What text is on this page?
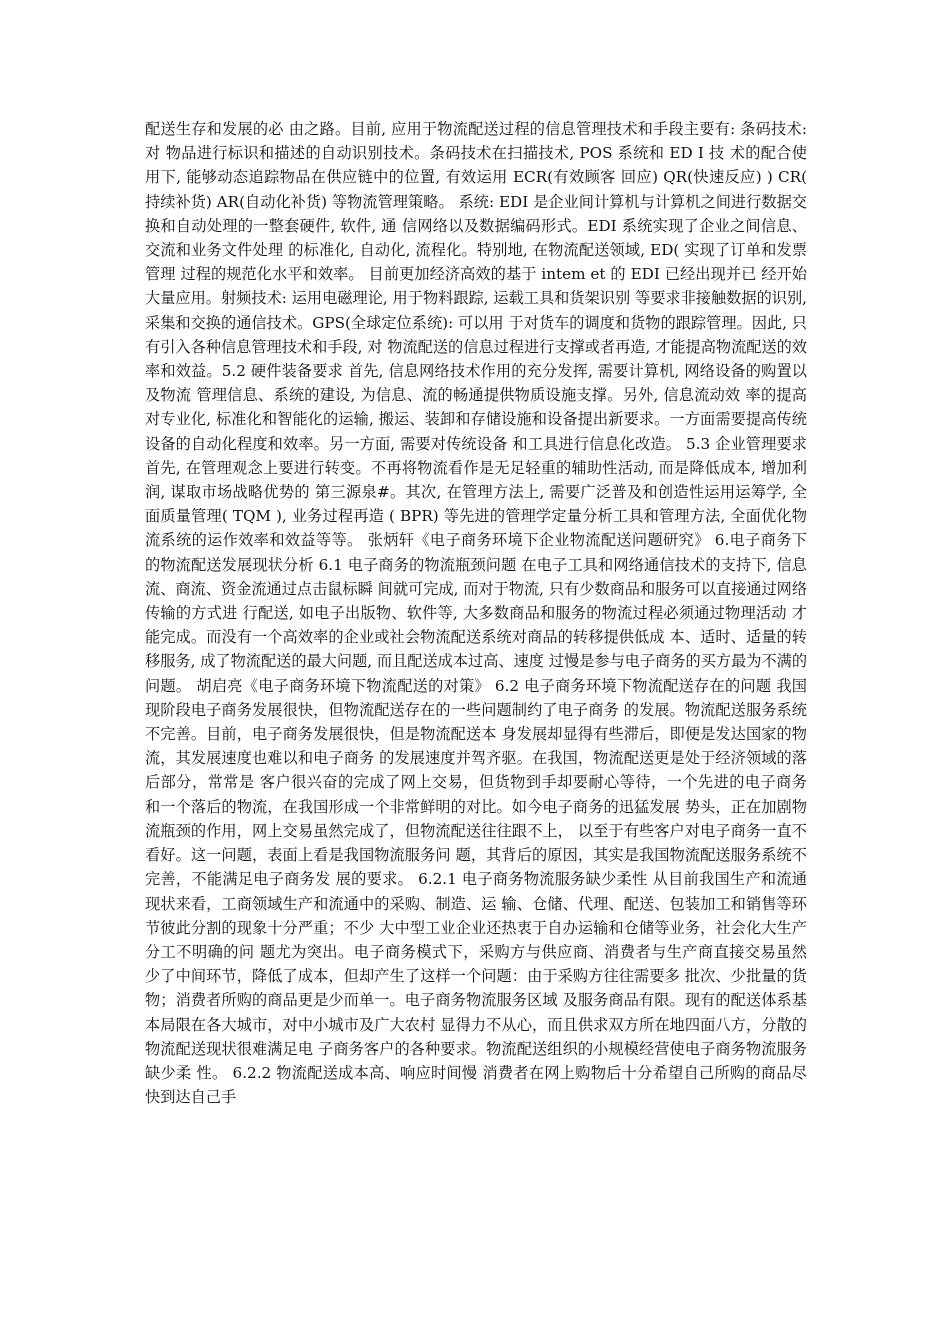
配送生存和发展的必 由之路。目前, 应用于物流配送过程的信息管理技术和手段主要有: 条码技术: 对 物品进行标识和描述的自动识别技术。条码技术在扫描技术, POS 系统和 ED I 技 术的配合使用下, 能够动态追踪物品在供应链中的位置, 有效运用 ECR(有效顾客 回应) QR(快速反应) ) CR( 持续补货) AR(自动化补货) 等物流管理策略。 系统: EDI 是企业间计算机与计算机之间进行数据交换和自动处理的一整套硬件, 软件, 通 信网络以及数据编码形式。EDI 系统实现了企业之间信息、交流和业务文件处理 的标准化, 自动化, 流程化。特别地, 在物流配送领域, ED( 实现了订单和发票管理 过程的规范化水平和效率。 目前更加经济高效的基于 intem et 的 EDI 已经出现并已 经开始大量应用。射频技术: 运用电磁理论, 用于物料跟踪, 运载工具和货架识别 等要求非接触数据的识别, 采集和交换的通信技术。GPS(全球定位系统): 可以用 于对货车的调度和货物的跟踪管理。因此, 只有引入各种信息管理技术和手段, 对 物流配送的信息过程进行支撑或者再造, 才能提高物流配送的效率和效益。5.2 硬件装备要求 首先, 信息网络技术作用的充分发挥, 需要计算机, 网络设备的购置以及物流 管理信息、系统的建设, 为信息、流的畅通提供物质设施支撑。另外, 信息流动效 率的提高对专业化, 标准化和智能化的运输, 搬运、装卸和存储设施和设备提出新要求。一方面需要提高传统设备的自动化程度和效率。另一方面, 需要对传统设备 和工具进行信息化改造。 5.3 企业管理要求 首先, 在管理观念上要进行转变。不再将物流看作是无足轻重的辅助性活动, 而是降低成本, 增加利润, 谋取市场战略优势的 第三源泉#。其次, 在管理方法上, 需要广泛普及和创造性运用运筹学, 全面质量管理( TQM ), 业务过程再造 ( BPR) 等先进的管理学定量分析工具和管理方法, 全面优化物流系统的运作效率和效益等等。 张炳轩《电子商务环境下企业物流配送问题研究》 6.电子商务下的物流配送发展现状分析 6.1 电子商务的物流瓶颈问题 在电子工具和网络通信技术的支持下, 信息流、商流、资金流通过点击鼠标瞬 间就可完成, 而对于物流, 只有少数商品和服务可以直接通过网络传输的方式进 行配送, 如电子出版物、软件等, 大多数商品和服务的物流过程必须通过物理活动 才能完成。而没有一个高效率的企业或社会物流配送系统对商品的转移提供低成 本、适时、适量的转移服务, 成了物流配送的最大问题, 而且配送成本过高、速度 过慢是参与电子商务的买方最为不满的问题。 胡启亮《电子商务环境下物流配送的对策》 6.2 电子商务环境下物流配送存在的问题 我国现阶段电子商务发展很快，但物流配送存在的一些问题制约了电子商务 的发展。物流配送服务系统不完善。目前，电子商务发展很快，但是物流配送本 身发展却显得有些滞后，即便是发达国家的物流，其发展速度也难以和电子商务 的发展速度并驾齐驱。在我国，物流配送更是处于经济领域的落后部分，常常是 客户很兴奋的完成了网上交易，但货物到手却要耐心等待，一个先进的电子商务 和一个落后的物流，在我国形成一个非常鲜明的对比。如今电子商务的迅猛发展 势头，正在加剧物流瓶颈的作用，网上交易虽然完成了，但物流配送往往跟不上， 以至于有些客户对电子商务一直不看好。这一问题，表面上看是我国物流服务问 题，其背后的原因，其实是我国物流配送服务系统不完善，不能满足电子商务发 展的要求。 6.2.1 电子商务物流服务缺少柔性 从目前我国生产和流通现状来看，工商领域生产和流通中的采购、制造、运 输、仓储、代理、配送、包装加工和销售等环节彼此分割的现象十分严重；不少 大中型工业企业还热衷于自办运输和仓储等业务，社会化大生产分工不明确的问 题尤为突出。电子商务模式下，采购方与供应商、消费者与生产商直接交易虽然 少了中间环节，降低了成本，但却产生了这样一个问题：由于采购方往往需要多 批次、少批量的货物；消费者所购的商品更是少而单一。电子商务物流服务区域 及服务商品有限。现有的配送体系基本局限在各大城市，对中小城市及广大农村 显得力不从心，而且供求双方所在地四面八方，分散的物流配送现状很难满足电 子商务客户的各种要求。物流配送组织的小规模经营使电子商务物流服务缺少柔 性。 6.2.2 物流配送成本高、响应时间慢 消费者在网上购物后十分希望自己所购的商品尽快到达自己手
